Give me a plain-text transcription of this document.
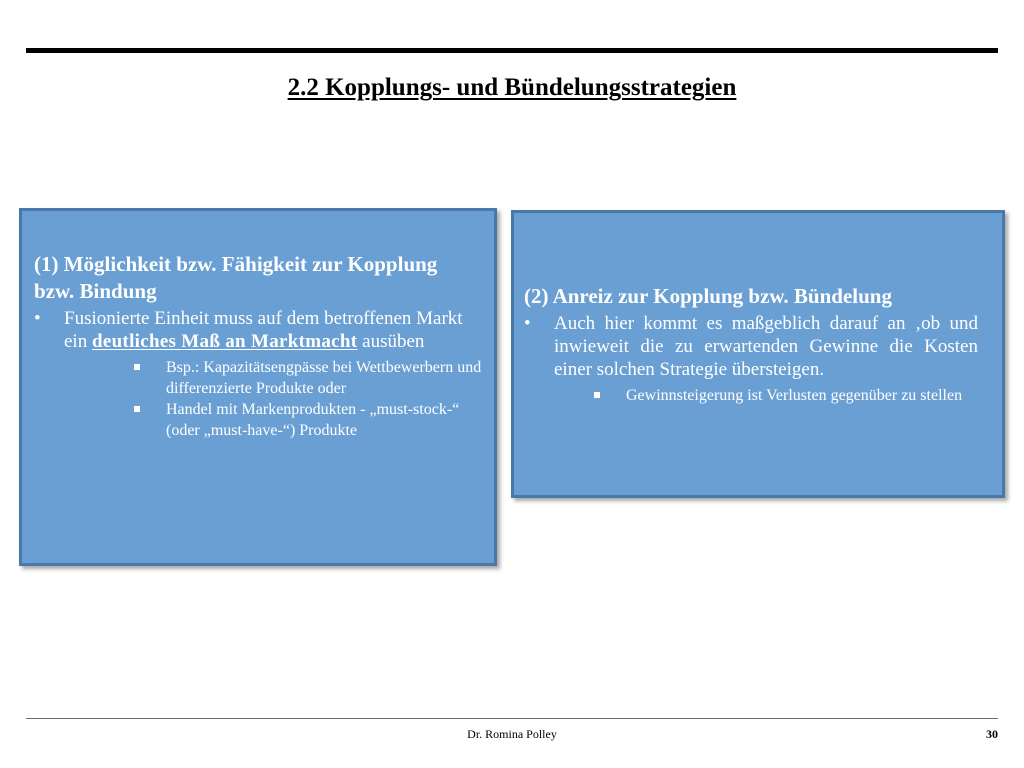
2.2 Kopplungs- und Bündelungsstrategien

(1) Möglichkeit bzw. Fähigkeit zur Kopplung bzw. Bindung

• Fusionierte Einheit muss auf dem betroffenen Markt ein deutliches Maß an Marktmacht ausüben
Bsp.: Kapazitätsengpässe bei Wettbewerbern und differenzierte Produkte oder
Handel mit Markenprodukten - „must-stock-“ (oder „must-have-“) Produkte

(2) Anreiz zur Kopplung bzw. Bündelung

• Auch hier kommt es maßgeblich darauf an ‚ob und inwieweit die zu erwartenden Gewinne die Kosten einer solchen Strategie übersteigen.
Gewinnsteigerung ist Verlusten gegenüber zu stellen
Dr. Romina Polley	30
